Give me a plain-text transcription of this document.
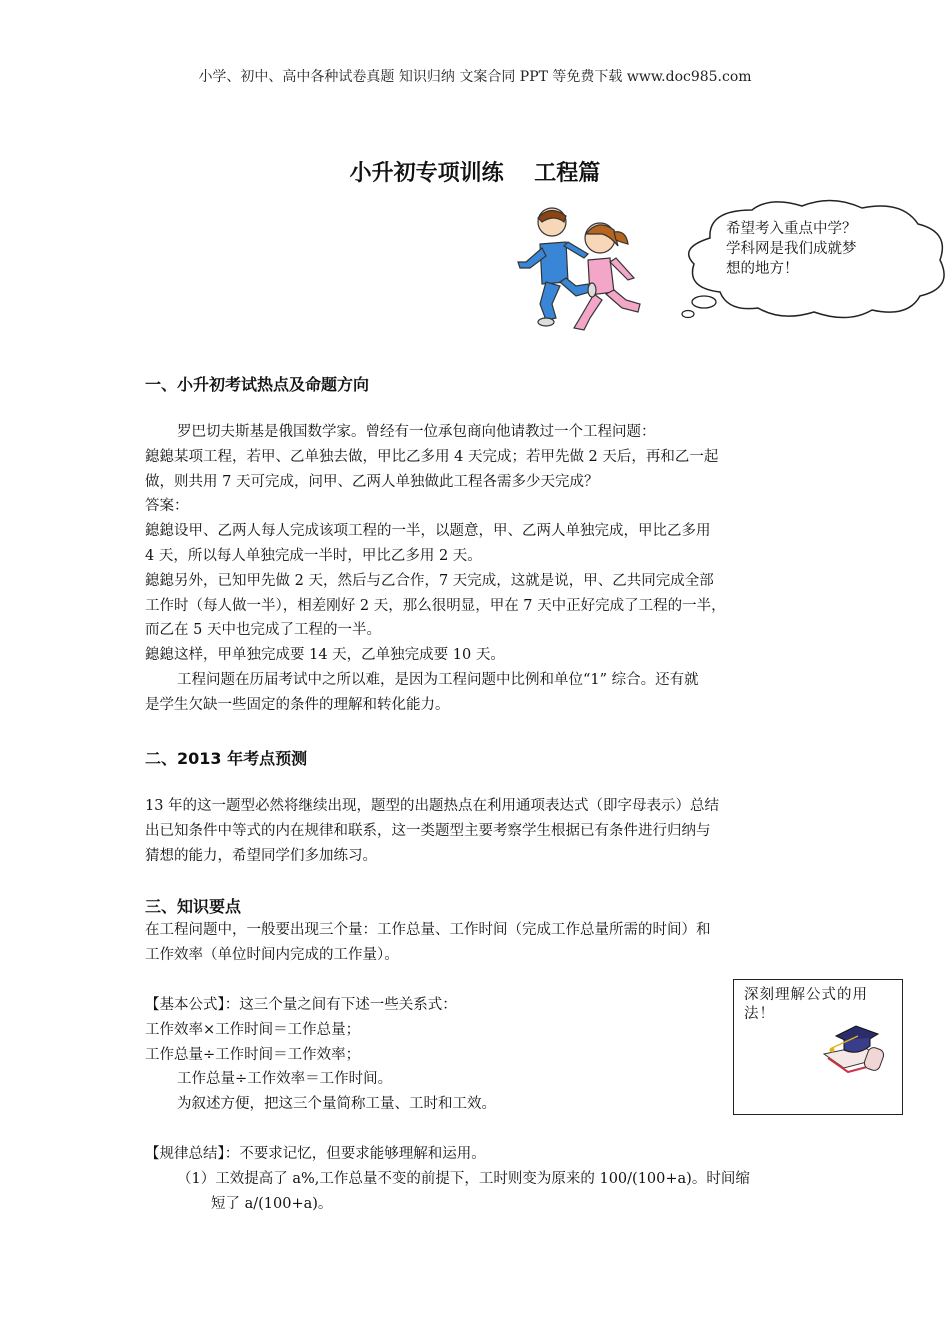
小学、初中、高中各种试卷真题 知识归纳 文案合同 PPT 等免费下载 www.doc985.com
小升初专项训练    工程篇
希望考入重点中学？
学科网是我们成就梦
想的地方！
一、小升初考试热点及命题方向
罗巴切夫斯基是俄国数学家。曾经有一位承包商向他请教过一个工程问题：
鎴鎴某项工程，若甲、乙单独去做，甲比乙多用 4 天完成；若甲先做 2 天后，再和乙一起
做，则共用 7 天可完成，问甲、乙两人单独做此工程各需多少天完成？
答案：
鎴鎴设甲、乙两人每人完成该项工程的一半，以题意，甲、乙两人单独完成，甲比乙多用
4 天，所以每人单独完成一半时，甲比乙多用 2 天。
鎴鎴另外，已知甲先做 2 天，然后与乙合作，7 天完成，这就是说，甲、乙共同完成全部
工作时（每人做一半），相差刚好 2 天，那么很明显，甲在 7 天中正好完成了工程的一半，
而乙在 5 天中也完成了工程的一半。
鎴鎴这样，甲单独完成要 14 天，乙单独完成要 10 天。
工程问题在历届考试中之所以难，是因为工程问题中比例和单位“1” 综合。还有就
是学生欠缺一些固定的条件的理解和转化能力。
二、2013 年考点预测
13 年的这一题型必然将继续出现，题型的出题热点在利用通项表达式（即字母表示）总结
出已知条件中等式的内在规律和联系，这一类题型主要考察学生根据已有条件进行归纳与
猜想的能力，希望同学们多加练习。
三、知识要点
在工程问题中，一般要出现三个量：工作总量、工作时间（完成工作总量所需的时间）和
工作效率（单位时间内完成的工作量）。
【基本公式】：这三个量之间有下述一些关系式：
工作效率×工作时间＝工作总量；
工作总量÷工作时间＝工作效率；
工作总量÷工作效率＝工作时间。
为叙述方便，把这三个量简称工量、工时和工效。
深刻理解公式的用法！
【规律总结】：不要求记忆，但要求能够理解和运用。
（1）工效提高了 a%,工作总量不变的前提下，工时则变为原来的 100/(100+a)。时间缩
短了 a/(100+a)。
